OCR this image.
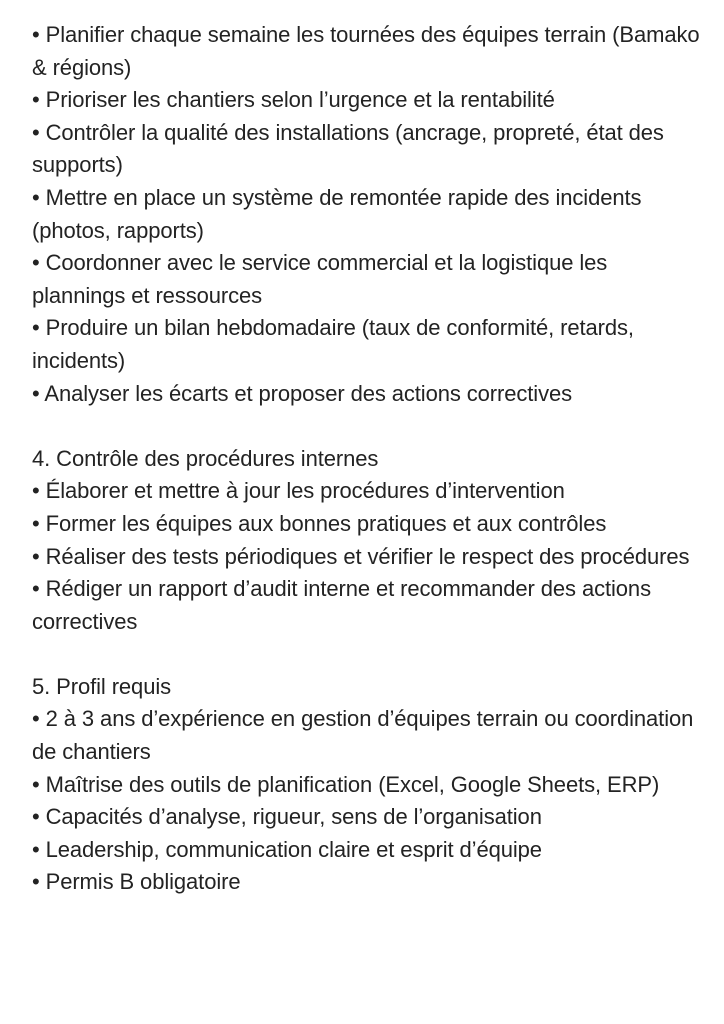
• Planifier chaque semaine les tournées des équipes terrain (Bamako & régions)
• Prioriser les chantiers selon l’urgence et la rentabilité
• Contrôler la qualité des installations (ancrage, propreté, état des supports)
• Mettre en place un système de remontée rapide des incidents (photos, rapports)
• Coordonner avec le service commercial et la logistique les plannings et ressources
• Produire un bilan hebdomadaire (taux de conformité, retards, incidents)
• Analyser les écarts et proposer des actions correctives
4. Contrôle des procédures internes
• Élaborer et mettre à jour les procédures d’intervention
• Former les équipes aux bonnes pratiques et aux contrôles
• Réaliser des tests périodiques et vérifier le respect des procédures
• Rédiger un rapport d’audit interne et recommander des actions correctives
5. Profil requis
• 2 à 3 ans d’expérience en gestion d’équipes terrain ou coordination de chantiers
• Maîtrise des outils de planification (Excel, Google Sheets, ERP)
• Capacités d’analyse, rigueur, sens de l’organisation
• Leadership, communication claire et esprit d’équipe
• Permis B obligatoire
